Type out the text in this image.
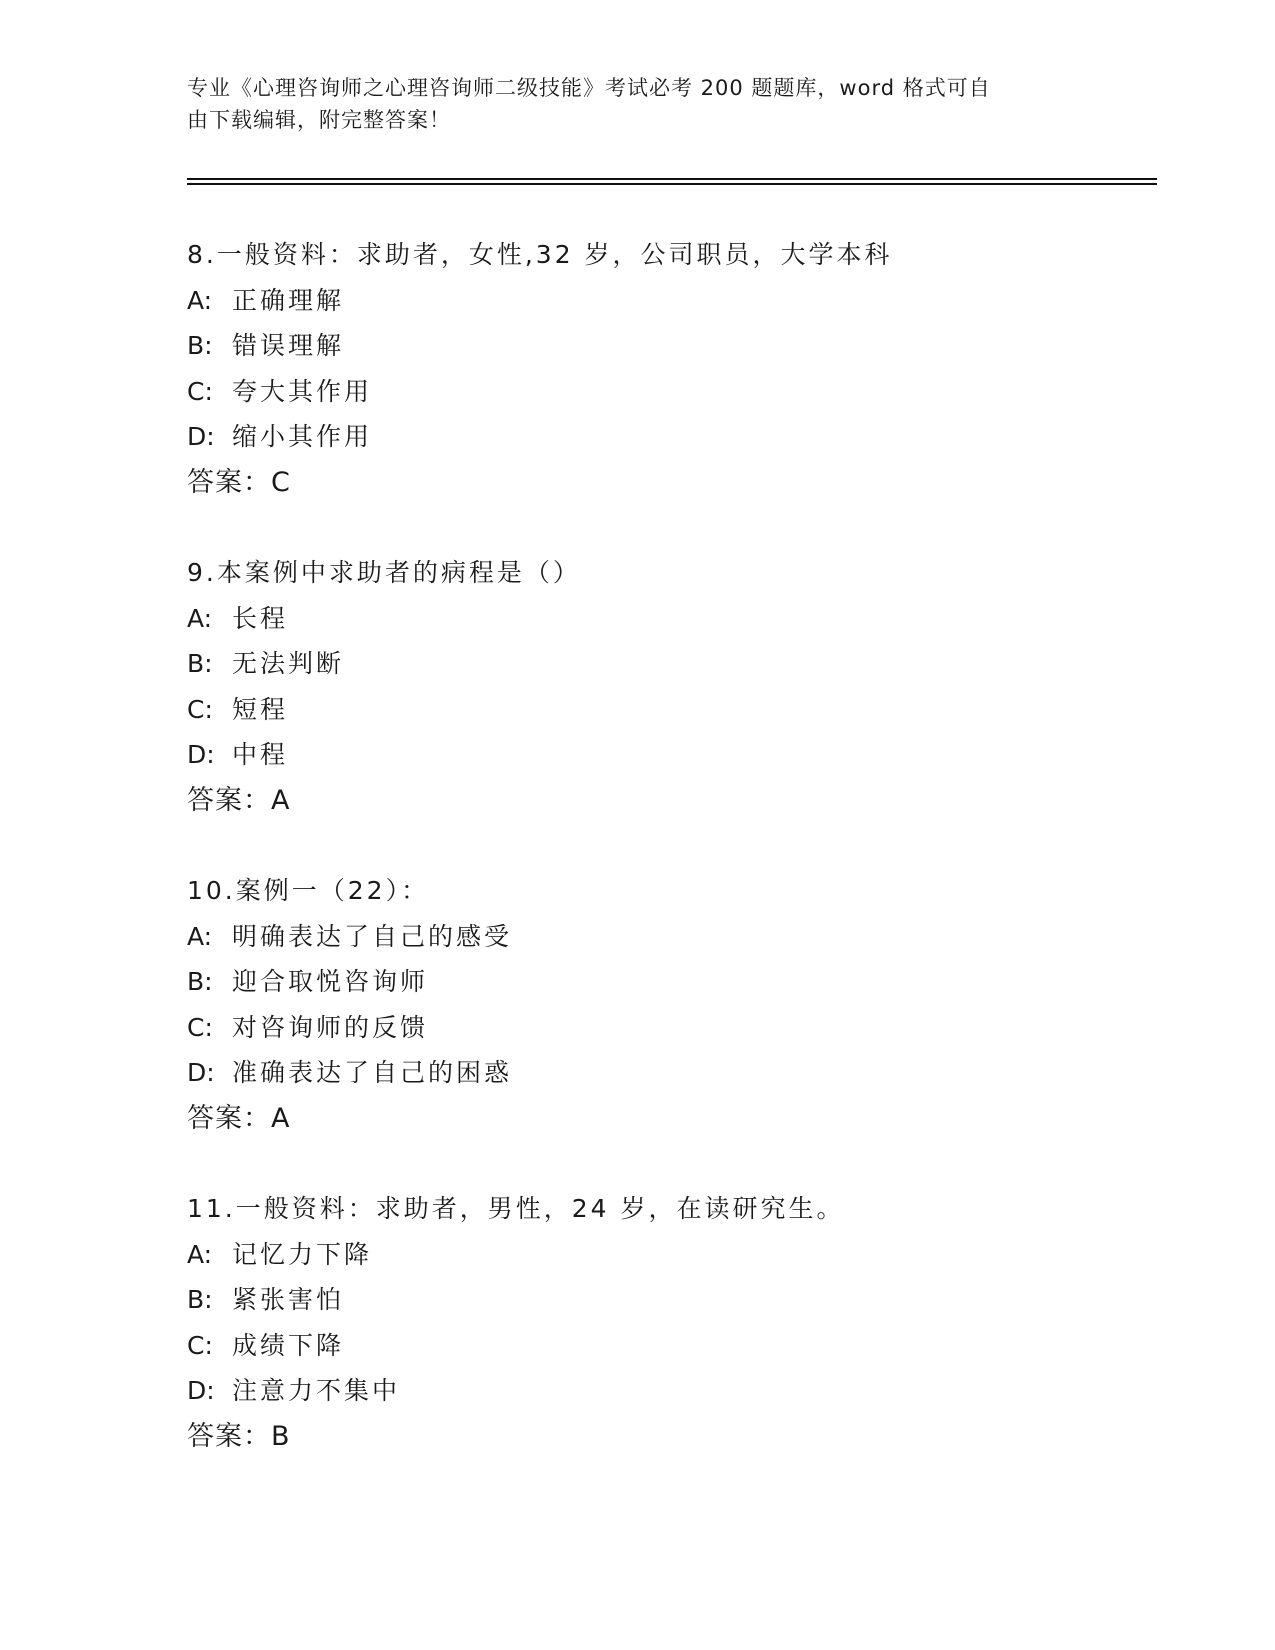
专业《心理咨询师之心理咨询师二级技能》考试必考 200 题题库，word 格式可自
由下载编辑，附完整答案！
8.一般资料：求助者，女性,32 岁，公司职员，大学本科
A: 正确理解
B: 错误理解
C: 夸大其作用
D: 缩小其作用
答案：C
9.本案例中求助者的病程是（）
A: 长程
B: 无法判断
C: 短程
D: 中程
答案：A
10.案例一（22）：
A: 明确表达了自己的感受
B: 迎合取悦咨询师
C: 对咨询师的反馈
D: 准确表达了自己的困惑
答案：A
11.一般资料：求助者，男性，24 岁，在读研究生。
A: 记忆力下降
B: 紧张害怕
C: 成绩下降
D: 注意力不集中
答案：B
